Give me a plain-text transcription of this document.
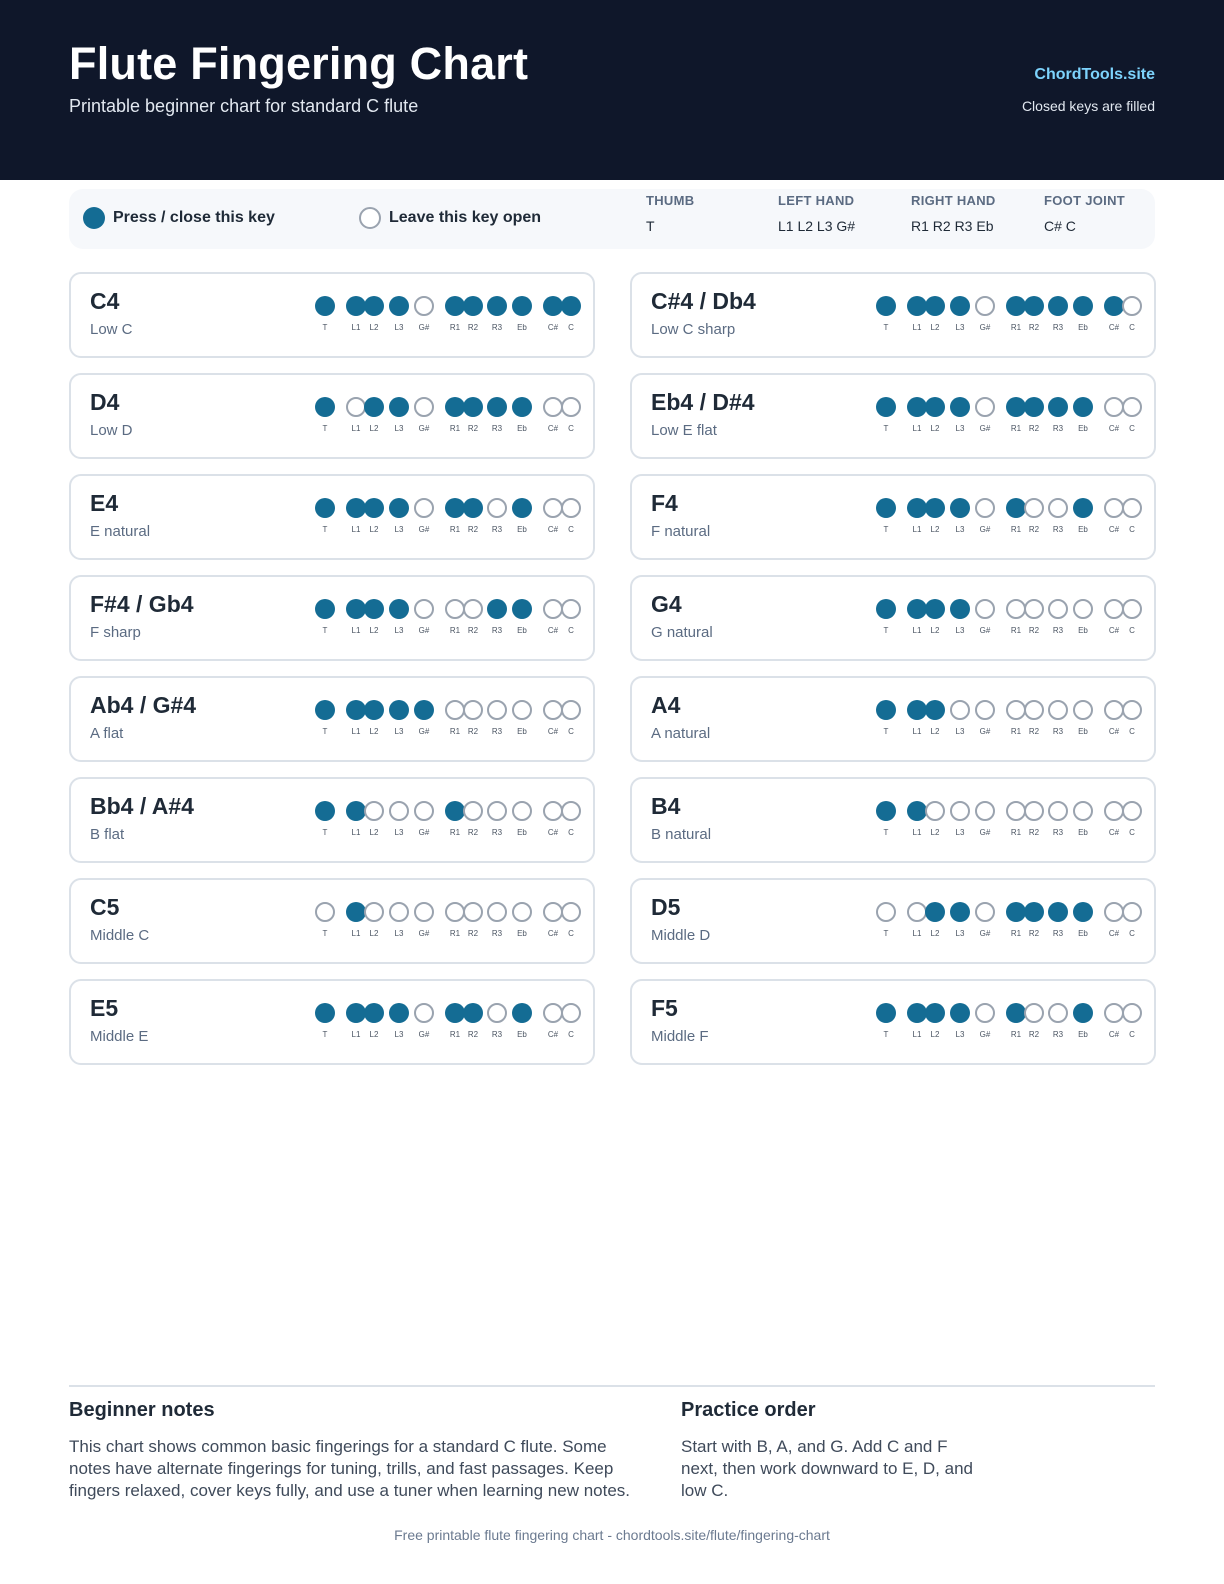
Flute Fingering Chart
Printable beginner chart for standard C flute
ChordTools.site
Closed keys are filled
Press / close this key	Leave this key open
THUMB
T
LEFT HAND
L1 L2 L3 G#
RIGHT HAND
R1 R2 R3 Eb
FOOT JOINT
C# C
C4
Low C	T	L1	L2	L3	G#	R1 R2	R3	Eb	C#	C
C#4 / Db4
Low C sharp	T	L1	L2	L3	G#	R1 R2	R3	Eb	C#	C
D4
Low D	T	L1	L2	L3	G#	R1 R2	R3	Eb	C#	C
Eb4 / D#4
Low E flat	T	L1	L2	L3	G#	R1 R2	R3	Eb	C#	C
E4
E natural	T	L1	L2	L3	G#	R1 R2	R3	Eb	C#	C
F4
F natural	T	L1	L2	L3	G#	R1 R2	R3	Eb	C#	C
F#4 / Gb4
F sharp	T	L1	L2	L3	G#	R1 R2	R3	Eb	C#	C
G4
G natural	T	L1	L2	L3	G#	R1 R2	R3	Eb	C#	C
Ab4 / G#4
A flat	T	L1	L2	L3	G#	R1 R2	R3	Eb	C#	C
A4
A natural	T	L1	L2	L3	G#	R1 R2	R3	Eb	C#	C
Bb4 / A#4
B flat	T	L1	L2	L3	G#	R1 R2	R3	Eb	C#	C
B4
B natural	T	L1	L2	L3	G#	R1 R2	R3	Eb	C#	C
C5
Middle C	T	L1	L2	L3	G#	R1 R2	R3	Eb	C#	C
D5
Middle D	T	L1	L2	L3	G#	R1 R2	R3	Eb	C#	C
E5
Middle E	T	L1	L2	L3	G#	R1 R2	R3	Eb	C#	C
F5
Middle F	T	L1	L2	L3	G#	R1 R2	R3	Eb	C#	C
Beginner notes
This chart shows common basic fingerings for a standard C flute. Some
notes have alternate fingerings for tuning, trills, and fast passages. Keep
fingers relaxed, cover keys fully, and use a tuner when learning new notes.
Practice order
Start with B, A, and G. Add C and F
next, then work downward to E, D, and
low C.
Free printable flute fingering chart - chordtools.site/flute/fingering-chart
